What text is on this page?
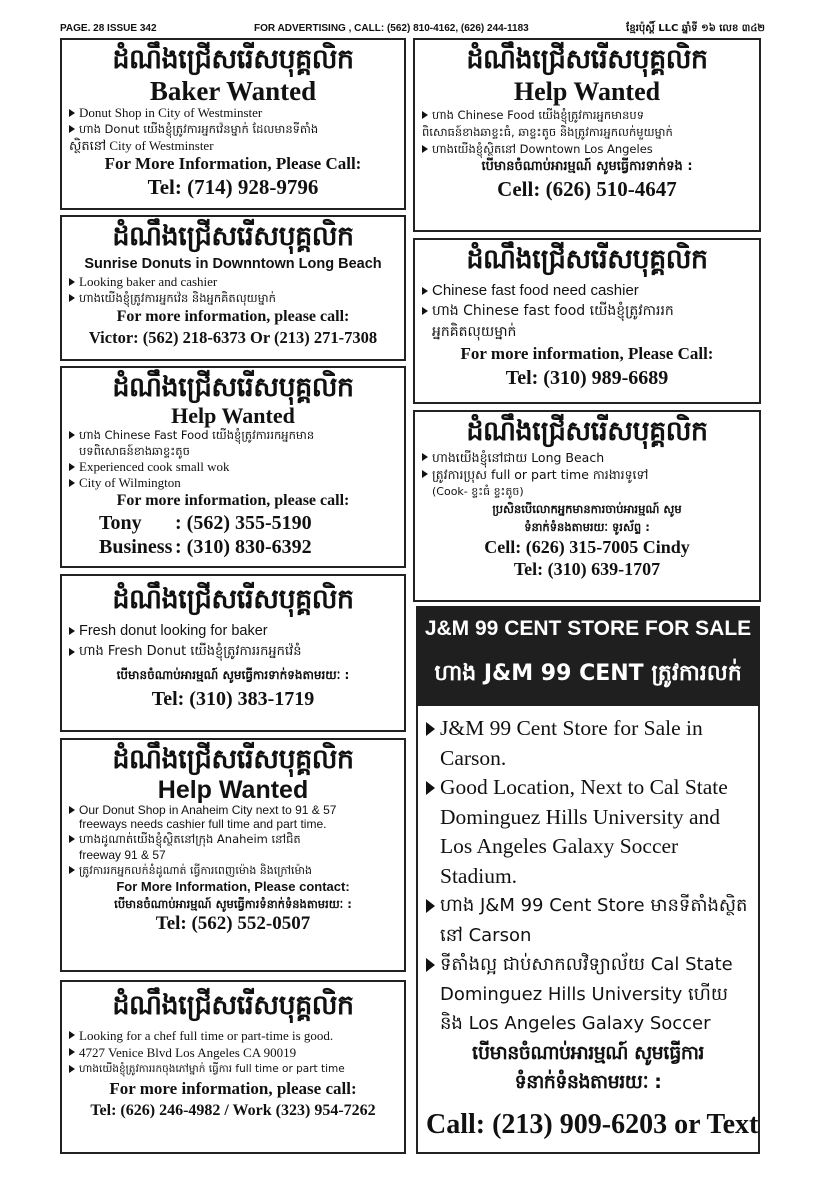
PAGE. 28 ISSUE 342	FOR ADVERTISING , CALL: (562) 810-4162, (626) 244-1183	ខ្មែរប៉ុស្តិ៍ LLC ឆ្នាំទី ១៦ លេខ ៣៤២
ដំណឹងជ្រើសរើសបុគ្គលិក
Baker Wanted
Donut Shop in City of Westminster
ហាង Donut យើងខ្ញុំត្រូវការអ្នកវ៉េនម្នាក់ ដែលមានទីតាំង
ស្ថិតនៅ City of Westminster
For More Information, Please Call:
Tel: (714) 928-9796
ដំណឹងជ្រើសរើសបុគ្គលិក
Help Wanted
ហាង Chinese Food យើងខ្ញុំត្រូវការអ្នកមានបទ
ពិសោធន៍ខាងឆាខ្ទះធំ, ឆាខ្ទះតូច និងត្រូវការអ្នកលក់មួយម្នាក់
ហាងយើងខ្ញុំស្ថិតនៅ Downtown Los Angeles
បើមានចំណាប់អារម្មណ៍ សូមធ្វើការទាក់ទង :
Cell: (626) 510-4647
ដំណឹងជ្រើសរើសបុគ្គលិក
Sunrise Donuts in Downntown Long Beach
Looking baker and cashier
ហាងយើងខ្ញុំត្រូវការអ្នកវ៉េន និងអ្នកគិតលុយម្នាក់
For more information, please call:
Victor: (562) 218-6373 Or (213) 271-7308
ដំណឹងជ្រើសរើសបុគ្គលិក
Chinese fast food need cashier
ហាង Chinese fast food យើងខ្ញុំត្រូវការរក
អ្នកគិតលុយម្នាក់
For more information, Please Call:
Tel: (310) 989-6689
ដំណឹងជ្រើសរើសបុគ្គលិក
Help Wanted
ហាង Chinese Fast Food យើងខ្ញុំត្រូវការរកអ្នកមាន
បទពិសោធន៍ខាងឆាខ្ទះតូច
Experienced cook small wok
City of Wilmington
For more information, please call:
Tony	: (562) 355-5190
Business : (310) 830-6392
ដំណឹងជ្រើសរើសបុគ្គលិក
ហាងយើងខ្ញុំនៅជាយ Long Beach
ត្រូវការប្រុស full or part time ការងារទូទៅ
(Cook- ខ្ទះធំ ខ្ទះតូច)
ប្រសិនបើលោកអ្នកមានការចាប់អារម្មណ៍ សូម
ទំនាក់ទំនងតាមរយៈ ទូរស័ព្ទ :
Cell: (626) 315-7005 Cindy
Tel: (310) 639-1707
ដំណឹងជ្រើសរើសបុគ្គលិក
Fresh donut looking for baker
ហាង Fresh Donut យើងខ្ញុំត្រូវការរកអ្នកវ៉េនំ
បើមានចំណាប់អារម្មណ៍ សូមធ្វើការទាក់ទងតាមរយៈ :
Tel: (310) 383-1719
ដំណឹងជ្រើសរើសបុគ្គលិក
Help Wanted
Our Donut Shop in Anaheim City next to 91 & 57
freeways needs cashier full time and part time.
ហាងដូណាត់យើងខ្ញុំស្ថិតនៅក្រុង Anaheim នៅជិត
freeway 91 & 57
ត្រូវការរកអ្នកលក់នំដូណាត់ ធ្វើការពេញម៉ោង និងក្រៅម៉ោង
For More Information, Please contact:
បើមានចំណាប់អារម្មណ៍ សូមធ្វើការទំនាក់ទំនងតាមរយៈ :
Tel: (562) 552-0507
ដំណឹងជ្រើសរើសបុគ្គលិក
Looking for a chef full time or part-time is good.
4727 Venice Blvd Los Angeles CA 90019
ហាងយើងខ្ញុំត្រូវការរកចុងភៅម្នាក់ ធ្វើការ full time or part time
For more information, please call:
Tel: (626) 246-4982 / Work (323) 954-7262
J&M 99 CENT STORE FOR SALE
ហាង J&M 99 CENT ត្រូវការលក់
J&M 99 Cent Store for Sale in Carson.
Good Location, Next to Cal State Dominguez Hills University and Los Angeles Galaxy Soccer Stadium.
ហាង J&M 99 Cent Store មានទីតាំងស្ថិតនៅ Carson
ទីតាំងល្អ ជាប់សាកលវិទ្យាល័យ Cal State Dominguez Hills University ហើយ និង Los Angeles Galaxy Soccer
បើមានចំណាប់អារម្មណ៍ សូមធ្វើការ
ទំនាក់ទំនងតាមរយៈ :
Call: (213) 909-6203 or Text
